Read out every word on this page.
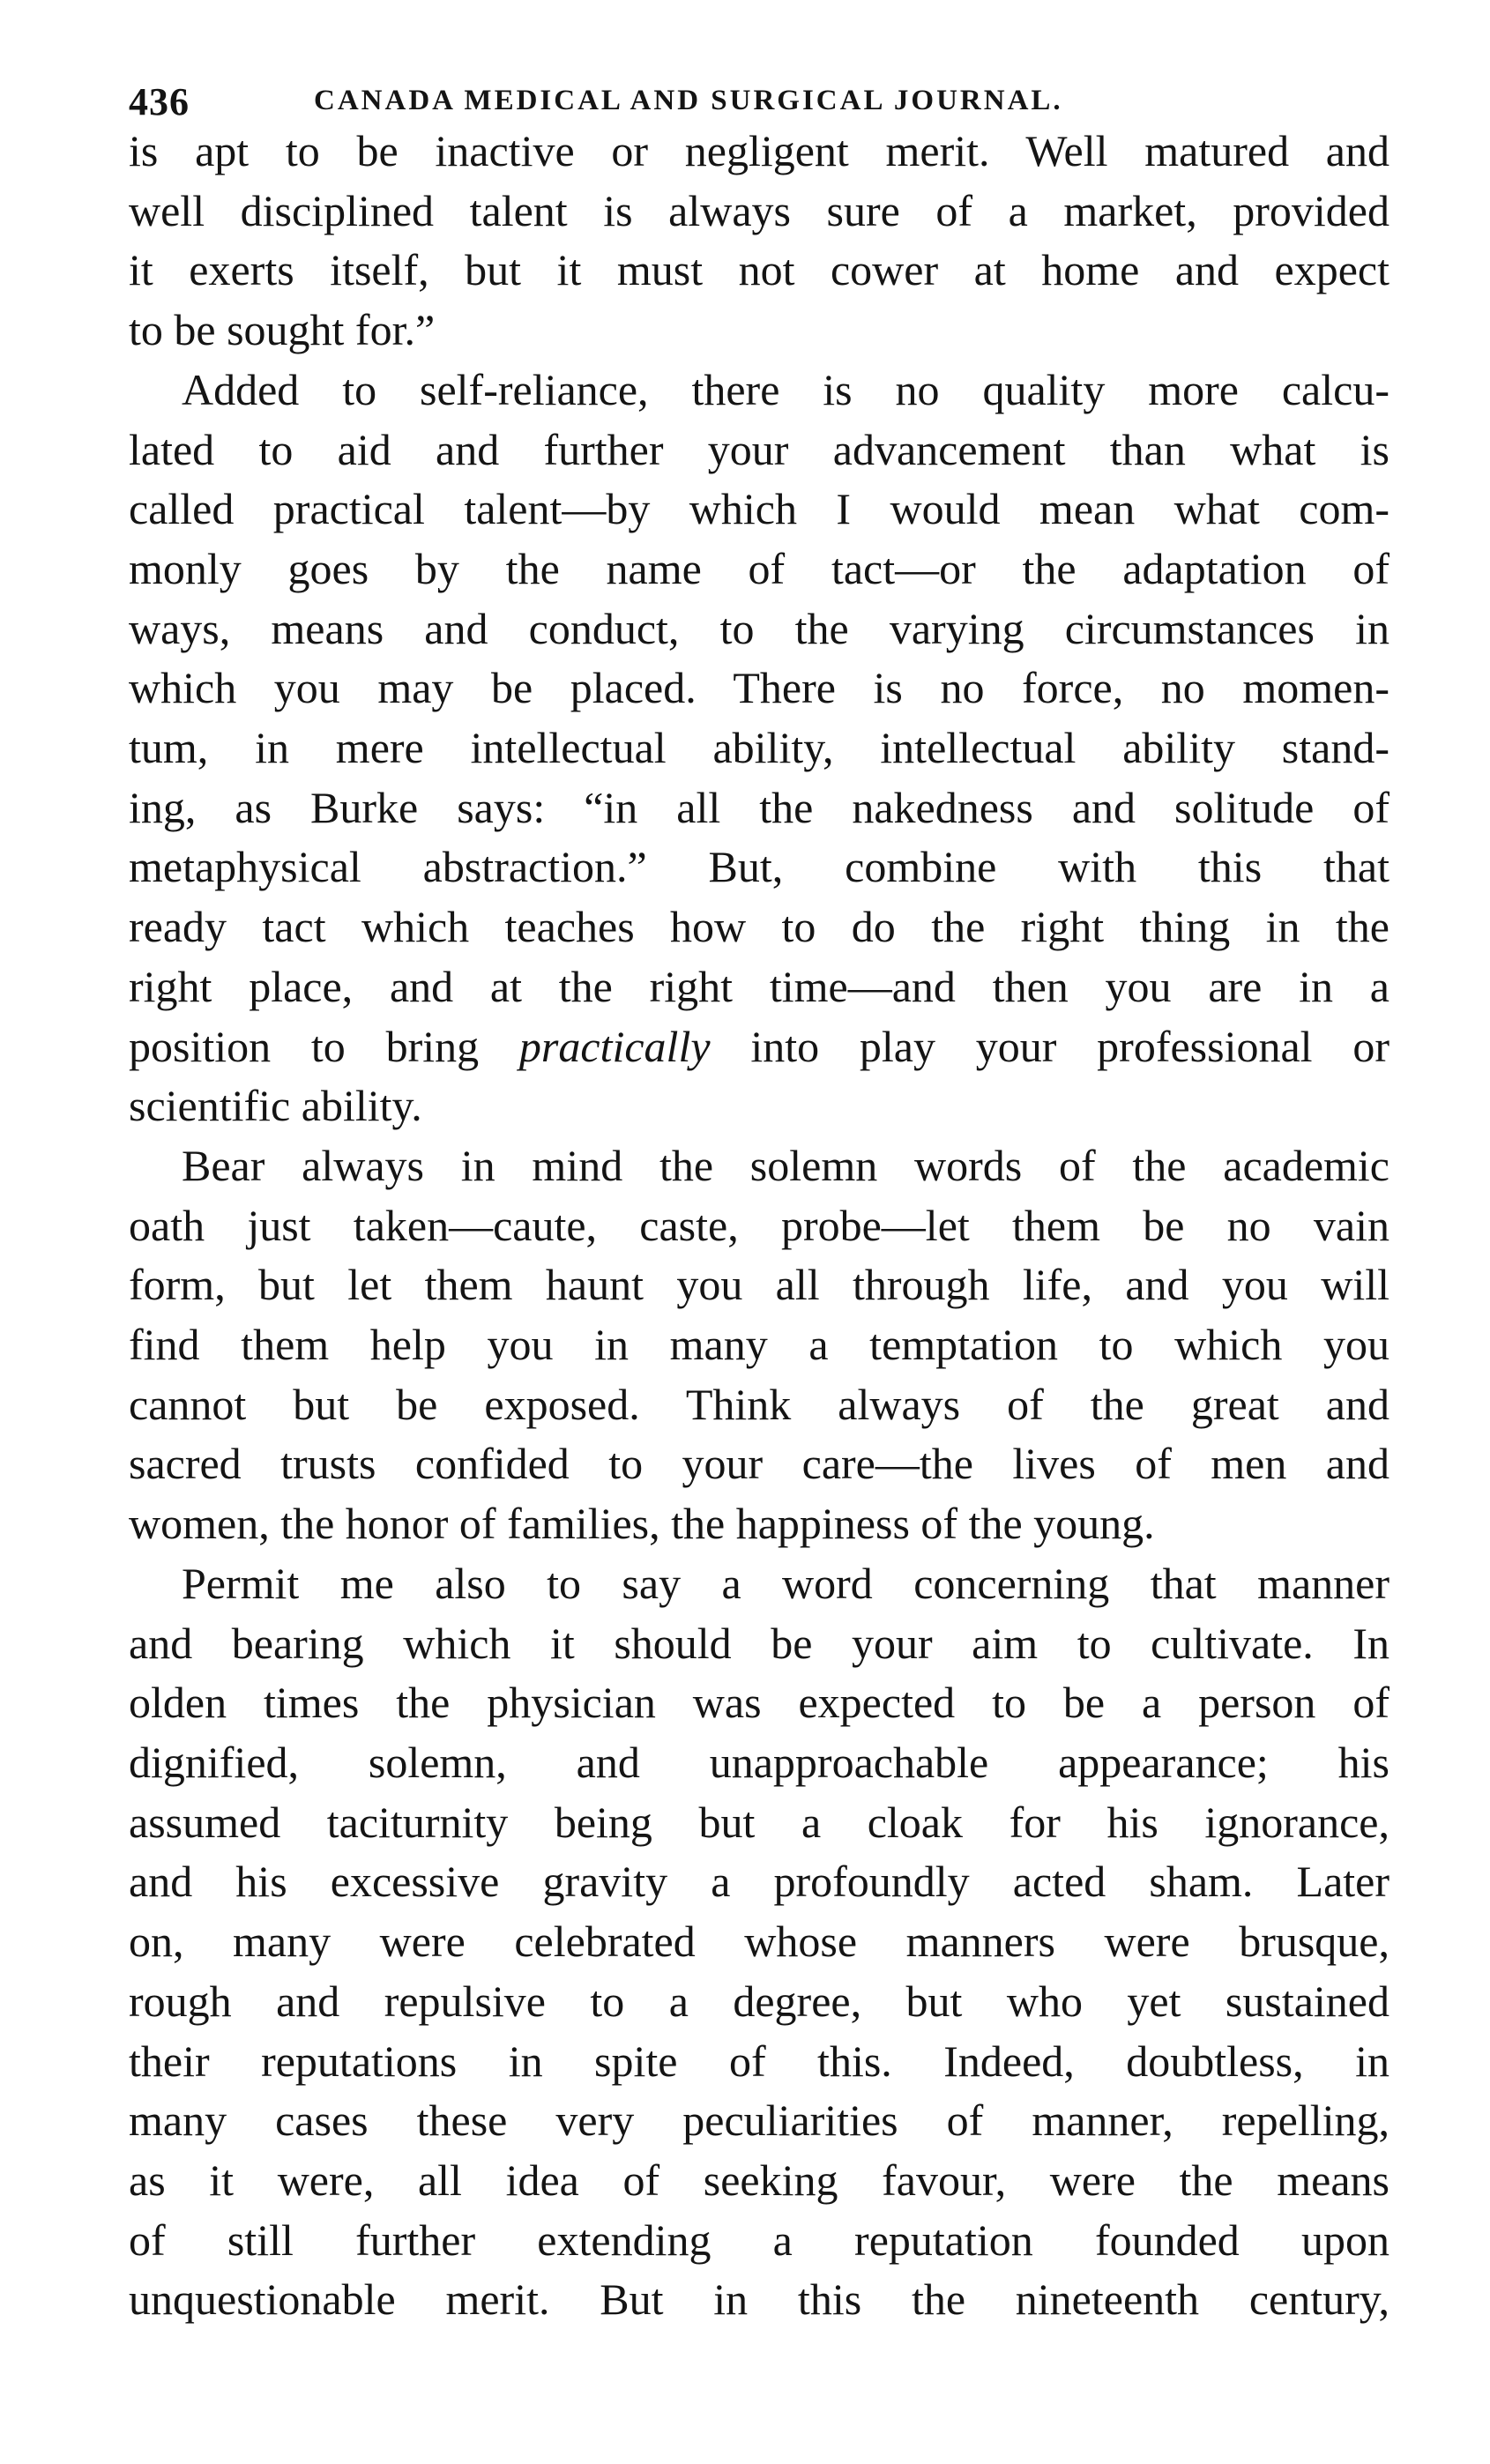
436	CANADA MEDICAL AND SURGICAL JOURNAL.
is apt to be inactive or negligent merit. Well matured and
well disciplined talent is always sure of a market, provided
it exerts itself, but it must not cower at home and expect
to be sought for.”
Added to self-reliance, there is no quality more calcu-
lated to aid and further your advancement than what is
called practical talent—by which I would mean what com-
monly goes by the name of tact—or the adaptation of
ways, means and conduct, to the varying circumstances in
which you may be placed. There is no force, no momen-
tum, in mere intellectual ability, intellectual ability stand-
ing, as Burke says: “in all the nakedness and solitude of
metaphysical abstraction.” But, combine with this that
ready tact which teaches how to do the right thing in the
right place, and at the right time—and then you are in a
position to bring practically into play your professional or
scientific ability.
Bear always in mind the solemn words of the academic
oath just taken—caute, caste, probe—let them be no vain
form, but let them haunt you all through life, and you will
find them help you in many a temptation to which you
cannot but be exposed. Think always of the great and
sacred trusts confided to your care—the lives of men and
women, the honor of families, the happiness of the young.
Permit me also to say a word concerning that manner
and bearing which it should be your aim to cultivate. In
olden times the physician was expected to be a person of
dignified, solemn, and unapproachable appearance; his
assumed taciturnity being but a cloak for his ignorance,
and his excessive gravity a profoundly acted sham. Later
on, many were celebrated whose manners were brusque,
rough and repulsive to a degree, but who yet sustained
their reputations in spite of this. Indeed, doubtless, in
many cases these very peculiarities of manner, repelling,
as it were, all idea of seeking favour, were the means
of still further extending a reputation founded upon
unquestionable merit. But in this the nineteenth century,
